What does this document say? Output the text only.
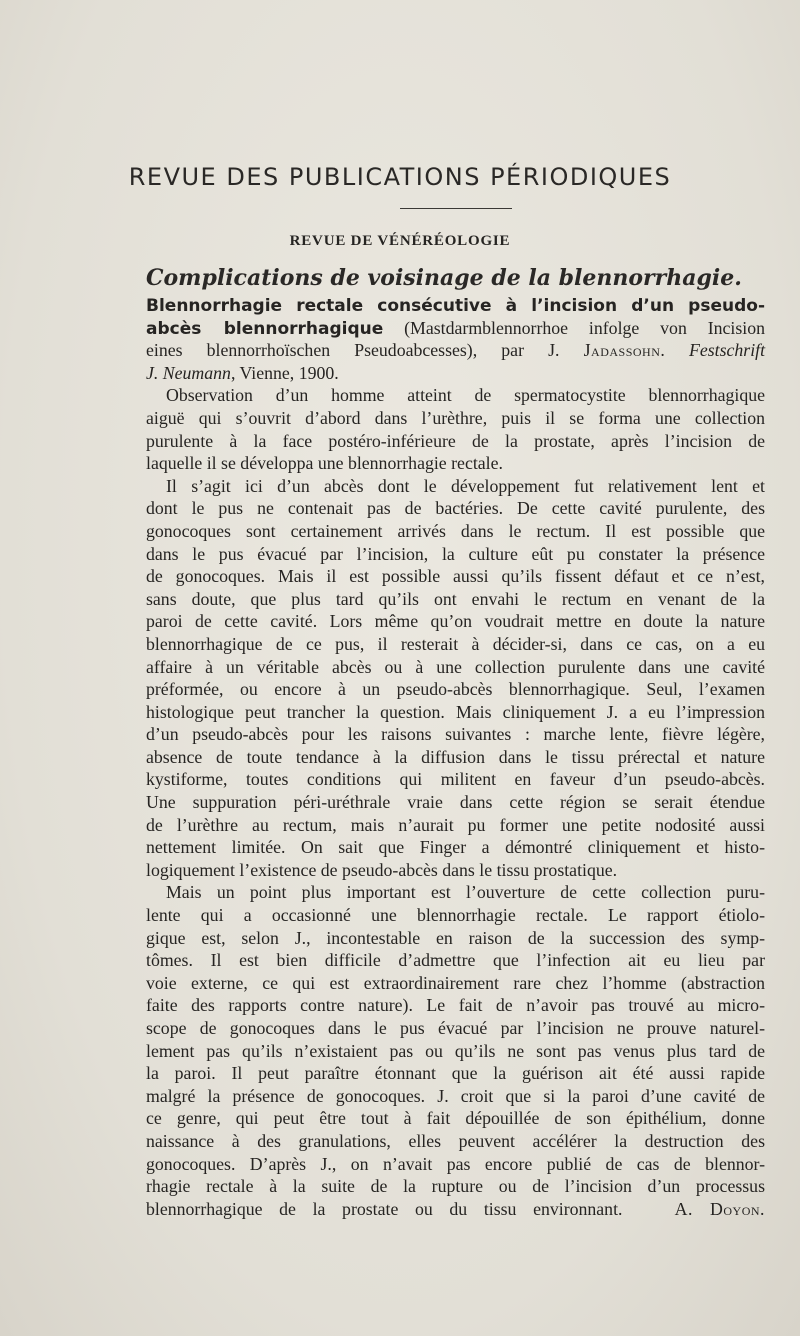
REVUE DES PUBLICATIONS PÉRIODIQUES
REVUE DE VÉNÉRÉOLOGIE
Complications de voisinage de la blennorrhagie.
Blennorrhagie rectale consécutive à l’incision d’un pseudo-
abcès blennorrhagique (Mastdarmblennorrhoe infolge von Incision
eines blennorrhoïschen Pseudoabcesses), par J. Jadassohn. Festschrift
J. Neumann, Vienne, 1900.
Observation d’un homme atteint de spermatocystite blennorrhagique
aiguë qui s’ouvrit d’abord dans l’urèthre, puis il se forma une collection
purulente à la face postéro-inférieure de la prostate, après l’incision de
laquelle il se développa une blennorrhagie rectale.
Il s’agit ici d’un abcès dont le développement fut relativement lent et
dont le pus ne contenait pas de bactéries. De cette cavité purulente, des
gonocoques sont certainement arrivés dans le rectum. Il est possible que
dans le pus évacué par l’incision, la culture eût pu constater la présence
de gonocoques. Mais il est possible aussi qu’ils fissent défaut et ce n’est,
sans doute, que plus tard qu’ils ont envahi le rectum en venant de la
paroi de cette cavité. Lors même qu’on voudrait mettre en doute la nature
blennorrhagique de ce pus, il resterait à décider-si, dans ce cas, on a eu
affaire à un véritable abcès ou à une collection purulente dans une cavité
préformée, ou encore à un pseudo-abcès blennorrhagique. Seul, l’examen
histologique peut trancher la question. Mais cliniquement J. a eu l’impression
d’un pseudo-abcès pour les raisons suivantes : marche lente, fièvre légère,
absence de toute tendance à la diffusion dans le tissu prérectal et nature
kystiforme, toutes conditions qui militent en faveur d’un pseudo-abcès.
Une suppuration péri-uréthrale vraie dans cette région se serait étendue
de l’urèthre au rectum, mais n’aurait pu former une petite nodosité aussi
nettement limitée. On sait que Finger a démontré cliniquement et histo-
logiquement l’existence de pseudo-abcès dans le tissu prostatique.
Mais un point plus important est l’ouverture de cette collection puru-
lente qui a occasionné une blennorrhagie rectale. Le rapport étiolo-
gique est, selon J., incontestable en raison de la succession des symp-
tômes. Il est bien difficile d’admettre que l’infection ait eu lieu par
voie externe, ce qui est extraordinairement rare chez l’homme (abstraction
faite des rapports contre nature). Le fait de n’avoir pas trouvé au micro-
scope de gonocoques dans le pus évacué par l’incision ne prouve naturel-
lement pas qu’ils n’existaient pas ou qu’ils ne sont pas venus plus tard de
la paroi. Il peut paraître étonnant que la guérison ait été aussi rapide
malgré la présence de gonocoques. J. croit que si la paroi d’une cavité de
ce genre, qui peut être tout à fait dépouillée de son épithélium, donne
naissance à des granulations, elles peuvent accélérer la destruction des
gonocoques. D’après J., on n’avait pas encore publié de cas de blennor-
rhagie rectale à la suite de la rupture ou de l’incision d’un processus
blennorrhagique de la prostate ou du tissu environnant. A. Doyon.
